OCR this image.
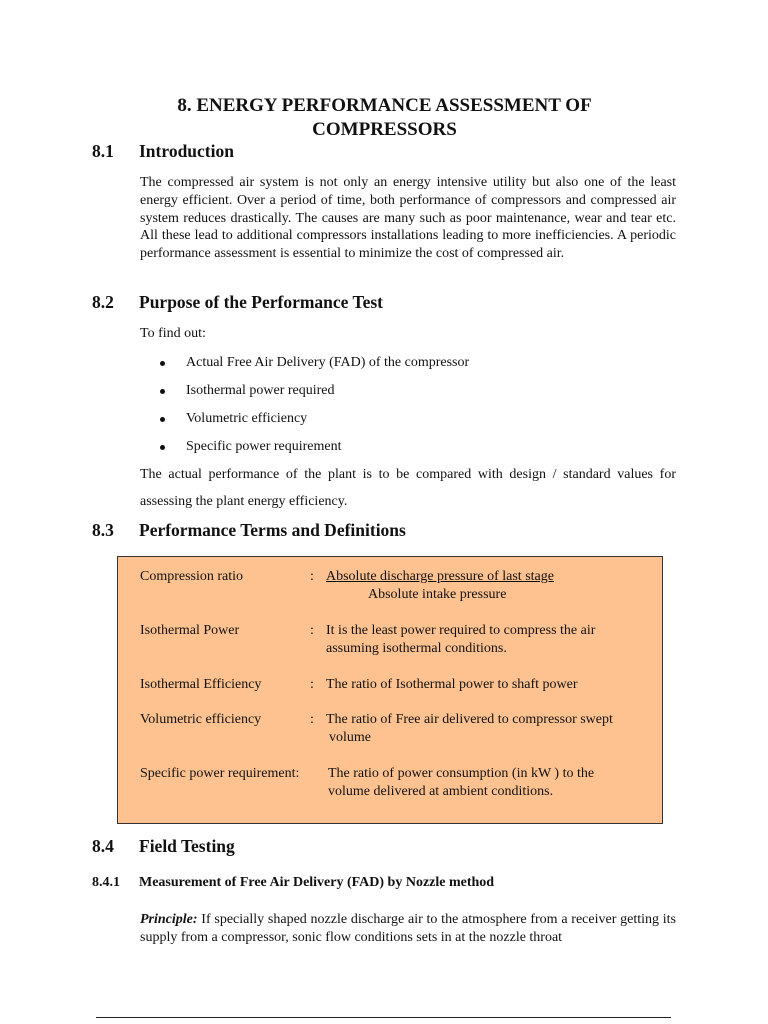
8. ENERGY PERFORMANCE ASSESSMENT OF
COMPRESSORS
8.1 Introduction

The compressed air system is not only an energy intensive utility but also one of the least energy efficient. Over a period of time, both performance of compressors and compressed air system reduces drastically. The causes are many such as poor maintenance, wear and tear etc. All these lead to additional compressors installations leading to more inefficiencies. A periodic performance assessment is essential to minimize the cost of compressed air.

8.2 Purpose of the Performance Test

To find out:

Actual Free Air Delivery (FAD) of the compressor
Isothermal power required
Volumetric efficiency
Specific power requirement

The actual performance of the plant is to be compared with design / standard values for assessing the plant energy efficiency.

8.3 Performance Terms and Definitions
Compression ratio	: Absolute discharge pressure of last stage
Absolute intake pressure
Isothermal Power	: It is the least power required to compress the air
assuming isothermal conditions.
Isothermal Efficiency	: The ratio of Isothermal power to shaft power
Volumetric efficiency	: The ratio of Free air delivered to compressor swept
volume
Specific power requirement: The ratio of power consumption (in kW ) to the
volume delivered at ambient conditions.
8.4 Field Testing
8.4.1 Measurement of Free Air Delivery (FAD) by Nozzle method

Principle: If specially shaped nozzle discharge air to the atmosphere from a receiver getting its supply from a compressor, sonic flow conditions sets in at the nozzle throat
